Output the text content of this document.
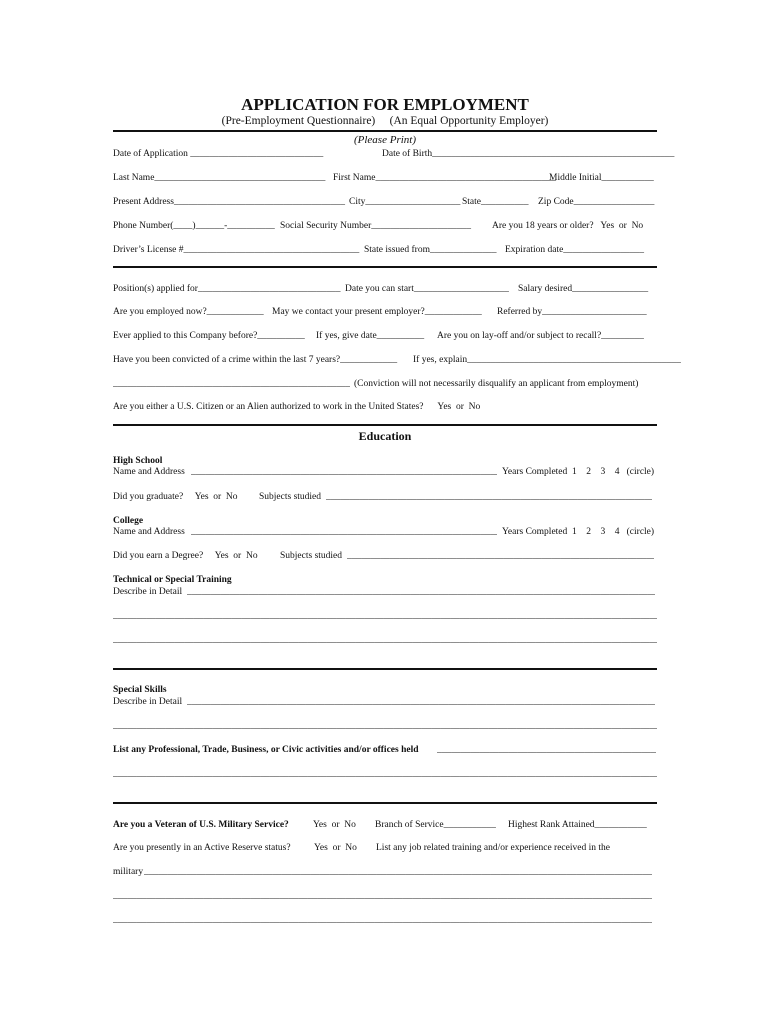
APPLICATION FOR EMPLOYMENT
(Pre-Employment Questionnaire)     (An Equal Opportunity Employer)
(Please Print)
Date of Application ____________________________	Date of Birth___________________________________________________
Last Name____________________________________ First Name______________________________________
Middle Initial___________
Present Address____________________________________ City____________________ State__________ Zip Code_________________
Phone Number(____)______-__________ Social Security Number_____________________ Are you 18 years or older?   Yes  or  No
Driver’s License #_____________________________________ State issued from______________ Expiration date_________________
Position(s) applied for______________________________ Date you can start____________________ Salary desired________________
Are you employed now?____________ May we contact your present employer?____________ Referred by______________________
Ever applied to this Company before?__________ If yes, give date__________ Are you on lay-off and/or subject to recall?_________
Have you been convicted of a crime within the last 7 years?____________ If yes, explain_____________________________________________
_____
(Conviction will not necessarily disqualify an applicant from employment)
Are you either a U.S. Citizen or an Alien authorized to work in the United States?      Yes  or  No
Education
High School
Name and Address _____	Years Completed  1    2    3    4   (circle)
Did you graduate?     Yes  or  No Subjects studied
_____
College
Name and Address _____	Years Completed  1    2    3    4   (circle)
Did you earn a Degree?     Yes  or  No Subjects studied
_____
Technical or Special Training
Describe in Detail
_____
_____
_____
Special Skills
Describe in Detail
_____
_____
List any Professional, Trade, Business, or Civic activities and/or offices held
_____
_____
Are you a Veteran of U.S. Military Service?	Yes  or  No Branch of Service___________ Highest Rank Attained___________
Are you presently in an Active Reserve status? Yes  or  No List any job related training and/or experience received in the
military
_____
_____
_____
